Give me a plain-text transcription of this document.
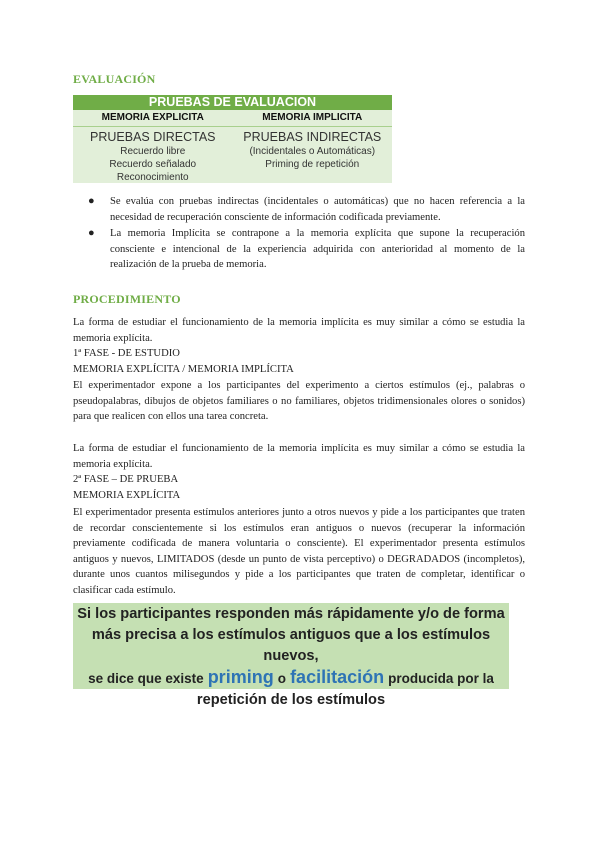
EVALUACIÓN
PRUEBAS DE EVALUACION
MEMORIA EXPLICITA	MEMORIA IMPLICITA
PRUEBAS DIRECTAS
Recuerdo libre
Recuerdo señalado
Reconocimiento
PRUEBAS INDIRECTAS
(Incidentales o Automáticas)
Priming de repetición
● Se evalúa con pruebas indirectas (incidentales o automáticas) que no hacen referencia a la necesidad de recuperación consciente de información codificada previamente.
● La memoria Implícita se contrapone a la memoria explícita que supone la recuperación consciente e intencional de la experiencia adquirida con anterioridad al momento de la realización de la prueba de memoria.
PROCEDIMIENTO
La forma de estudiar el funcionamiento de la memoria implícita es muy similar a cómo se estudia la memoria explícita.
1ª FASE - DE ESTUDIO
MEMORIA EXPLÍCITA / MEMORIA IMPLÍCITA
El experimentador expone a los participantes del experimento a ciertos estímulos (ej., palabras o pseudopalabras, dibujos de objetos familiares o no familiares, objetos tridimensionales olores o sonidos) para que realicen con ellos una tarea concreta.
La forma de estudiar el funcionamiento de la memoria implícita es muy similar a cómo se estudia la memoria explícita.
2ª FASE – DE PRUEBA
MEMORIA EXPLÍCITA
El experimentador presenta estímulos anteriores junto a otros nuevos y pide a los participantes que traten de recordar conscientemente si los estímulos eran antiguos o nuevos (recuperar la información previamente codificada de manera voluntaria o consciente). El experimentador presenta estímulos antiguos y nuevos, LIMITADOS (desde un punto de vista perceptivo) o DEGRADADOS (incompletos), durante unos cuantos milisegundos y pide a los participantes que traten de completar, identificar o clasificar cada estímulo.
Si los participantes responden más rápidamente y/o de forma
más precisa a los estímulos antiguos que a los estímulos nuevos,
se dice que existe priming o facilitación producida por la
repetición de los estímulos
